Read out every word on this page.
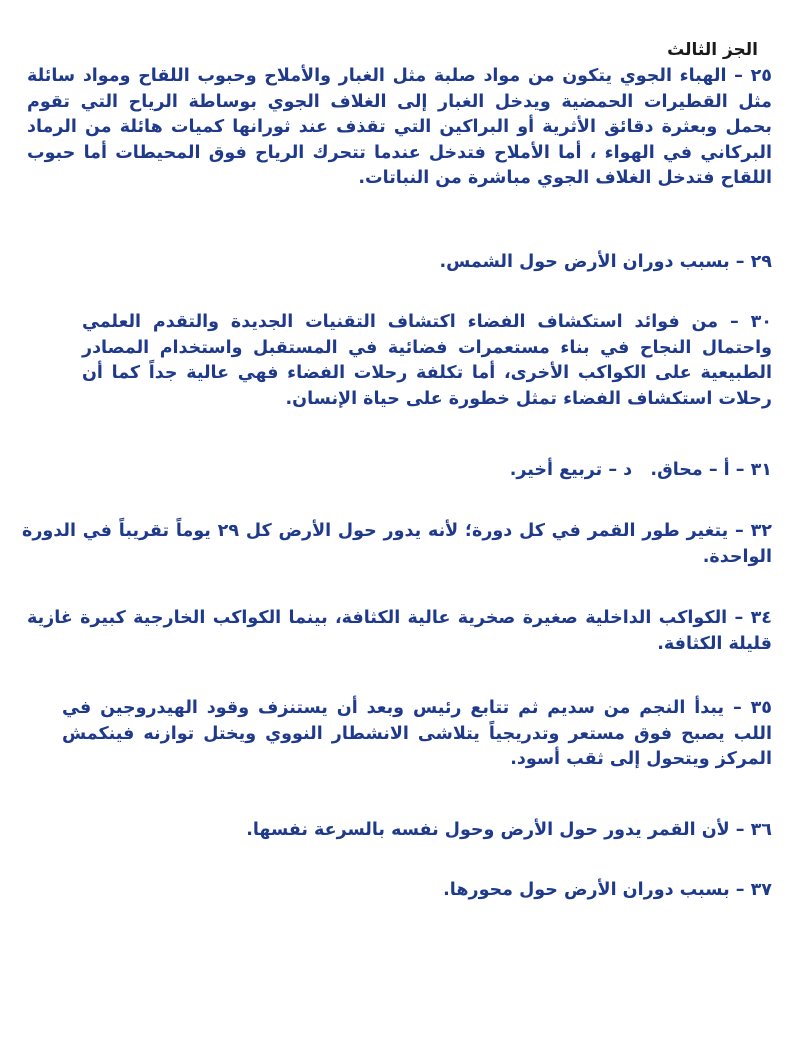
الجز الثالث

٢٥ – الهباء الجوي يتكون من مواد صلبة مثل الغبار والأملاح وحبوب اللقاح ومواد سائلة مثل القطيرات الحمضية ويدخل الغبار إلى الغلاف الجوي بوساطة الرياح التي تقوم بحمل وبعثرة دقائق الأثرية أو البراكين التي تقذف عند ثورانها كميات هائلة من الرماد البركاني في الهواء ، أما الأملاح فتدخل عندما تتحرك الرياح فوق المحيطات أما حبوب اللقاح فتدخل الغلاف الجوي مباشرة من النباتات.

٢٩ – بسبب دوران الأرض حول الشمس.

٣٠ – من فوائد استكشاف الفضاء اكتشاف التقنيات الجديدة والتقدم العلمي واحتمال النجاح في بناء مستعمرات فضائية في المستقبل واستخدام المصادر الطبيعية على الكواكب الأخرى، أما تكلفة رحلات الفضاء فهي عالية جداً كما أن رحلات استكشاف الفضاء تمثل خطورة على حياة الإنسان.

٣١ – أ – محاق.   د – تربيع أخير.

٣٢ – يتغير طور القمر في كل دورة؛ لأنه يدور حول الأرض كل ٢٩ يوماً تقريباً في الدورة الواحدة.

٣٤ – الكواكب الداخلية صغيرة صخرية عالية الكثافة، بينما الكواكب الخارجية كبيرة غازية قليلة الكثافة.

٣٥ – يبدأ النجم من سديم ثم تتابع رئيس وبعد أن يستنزف وقود الهيدروجين في اللب يصبح فوق مستعر وتدريجياً يتلاشى الانشطار النووي ويختل توازنه فينكمش المركز ويتحول إلى ثقب أسود.

٣٦ – لأن القمر يدور حول الأرض وحول نفسه بالسرعة نفسها.

٣٧ – بسبب دوران الأرض حول محورها.
